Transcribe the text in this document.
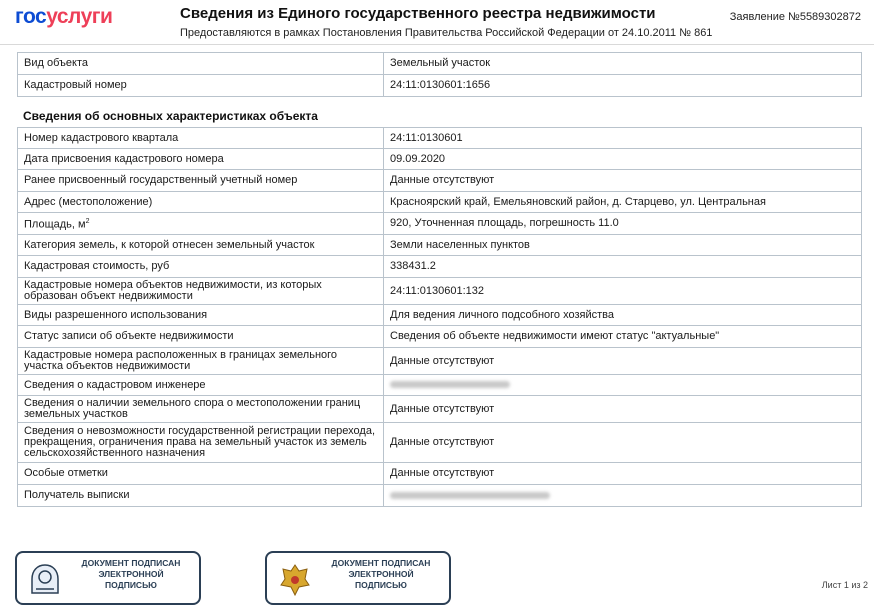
госуслуги	Сведения из Единого государственного реестра недвижимости
Предоставляются в рамках Постановления Правительства Российской Федерации от 24.10.2011 № 861
Заявление №5589302872
Вид объекта	Земельный участок
Кадастровый номер	24:11:0130601:1656
Сведения об основных характеристиках объекта
Номер кадастрового квартала	24:11:0130601
Дата присвоения кадастрового номера	09.09.2020
Ранее присвоенный государственный учетный номер	Данные отсутствуют
Адрес (местоположение)	Красноярский край, Емельяновский район, д. Старцево, ул. Центральная
Площадь, $м^2$	920, Уточненная площадь, погрешность 11.0
Категория земель, к которой отнесен земельный участок	Земли населенных пунктов
Кадастровая стоимость, руб	338431.2
Кадастровые номера объектов недвижимости, из которых образован объект недвижимости	24:11:0130601:132
Виды разрешенного использования	Для ведения личного подсобного хозяйства
Статус записи об объекте недвижимости	Сведения об объекте недвижимости имеют статус "актуальные"
Кадастровые номера расположенных в границах земельного участка объектов недвижимости	Данные отсутствуют
Сведения о кадастровом инженере	
Сведения о наличии земельного спора о местоположении границ земельных участков	Данные отсутствуют
Сведения о невозможности государственной регистрации перехода, прекращения, ограничения права на земельный участок из земель сельскохозяйственного назначения	Данные отсутствуют
Особые отметки	Данные отсутствуют
Получатель выписки	
ДОКУМЕНТ ПОДПИСАН
ЭЛЕКТРОННОЙ
ПОДПИСЬЮ
ДОКУМЕНТ ПОДПИСАН
ЭЛЕКТРОННОЙ
ПОДПИСЬЮ	Лист 1 из 2
